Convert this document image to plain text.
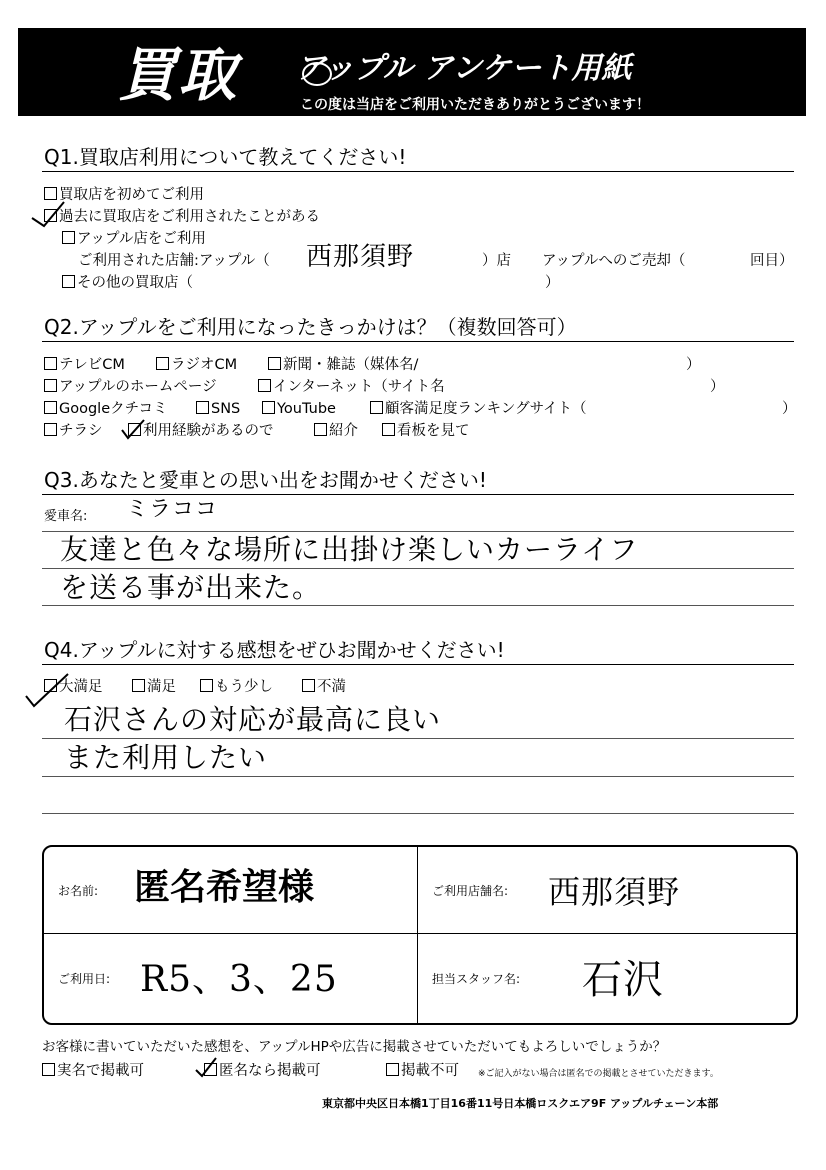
買取 アップル アンケート用紙
この度は当店をご利用いただきありがとうございます！
Q1.買取店利用について教えてください!
買取店を初めてご利用
過去に買取店をご利用されたことがある
アップル店をご利用
ご利用された店舗:アップル（ 西那須野	）店 アップルへのご売却（	回目）
その他の買取店（	）
Q2.アップルをご利用になったきっかけは？（複数回答可）
テレビCM	ラジオCM	新聞・雑誌（媒体名/	）
アップルのホームページ	インターネット（サイト名	）
Googleクチコミ	SNS	YouTube	顧客満足度ランキングサイト（	）
チラシ	利用経験があるので	紹介	看板を見て
Q3.あなたと愛車との思い出をお聞かせください!
愛車名: ミラココ
友達と色々な場所に出掛け楽しいカーライフ
を送る事が出来た。
Q4.アップルに対する感想をぜひお聞かせください!
大満足	満足	もう少し	不満
石沢さんの対応が最高に良い
また利用したい
お名前: 匿名希望様	ご利用店舗名: 西那須野
ご利用日: R5、3、25	担当スタッフ名: 石沢
お客様に書いていただいた感想を、アップルHPや広告に掲載させていただいてもよろしいでしょうか？
実名で掲載可	匿名なら掲載可	掲載不可 ※ご記入がない場合は匿名での掲載とさせていただきます。
東京都中央区日本橋1丁目16番11号日本橋ロスクエア9F アップルチェーン本部
